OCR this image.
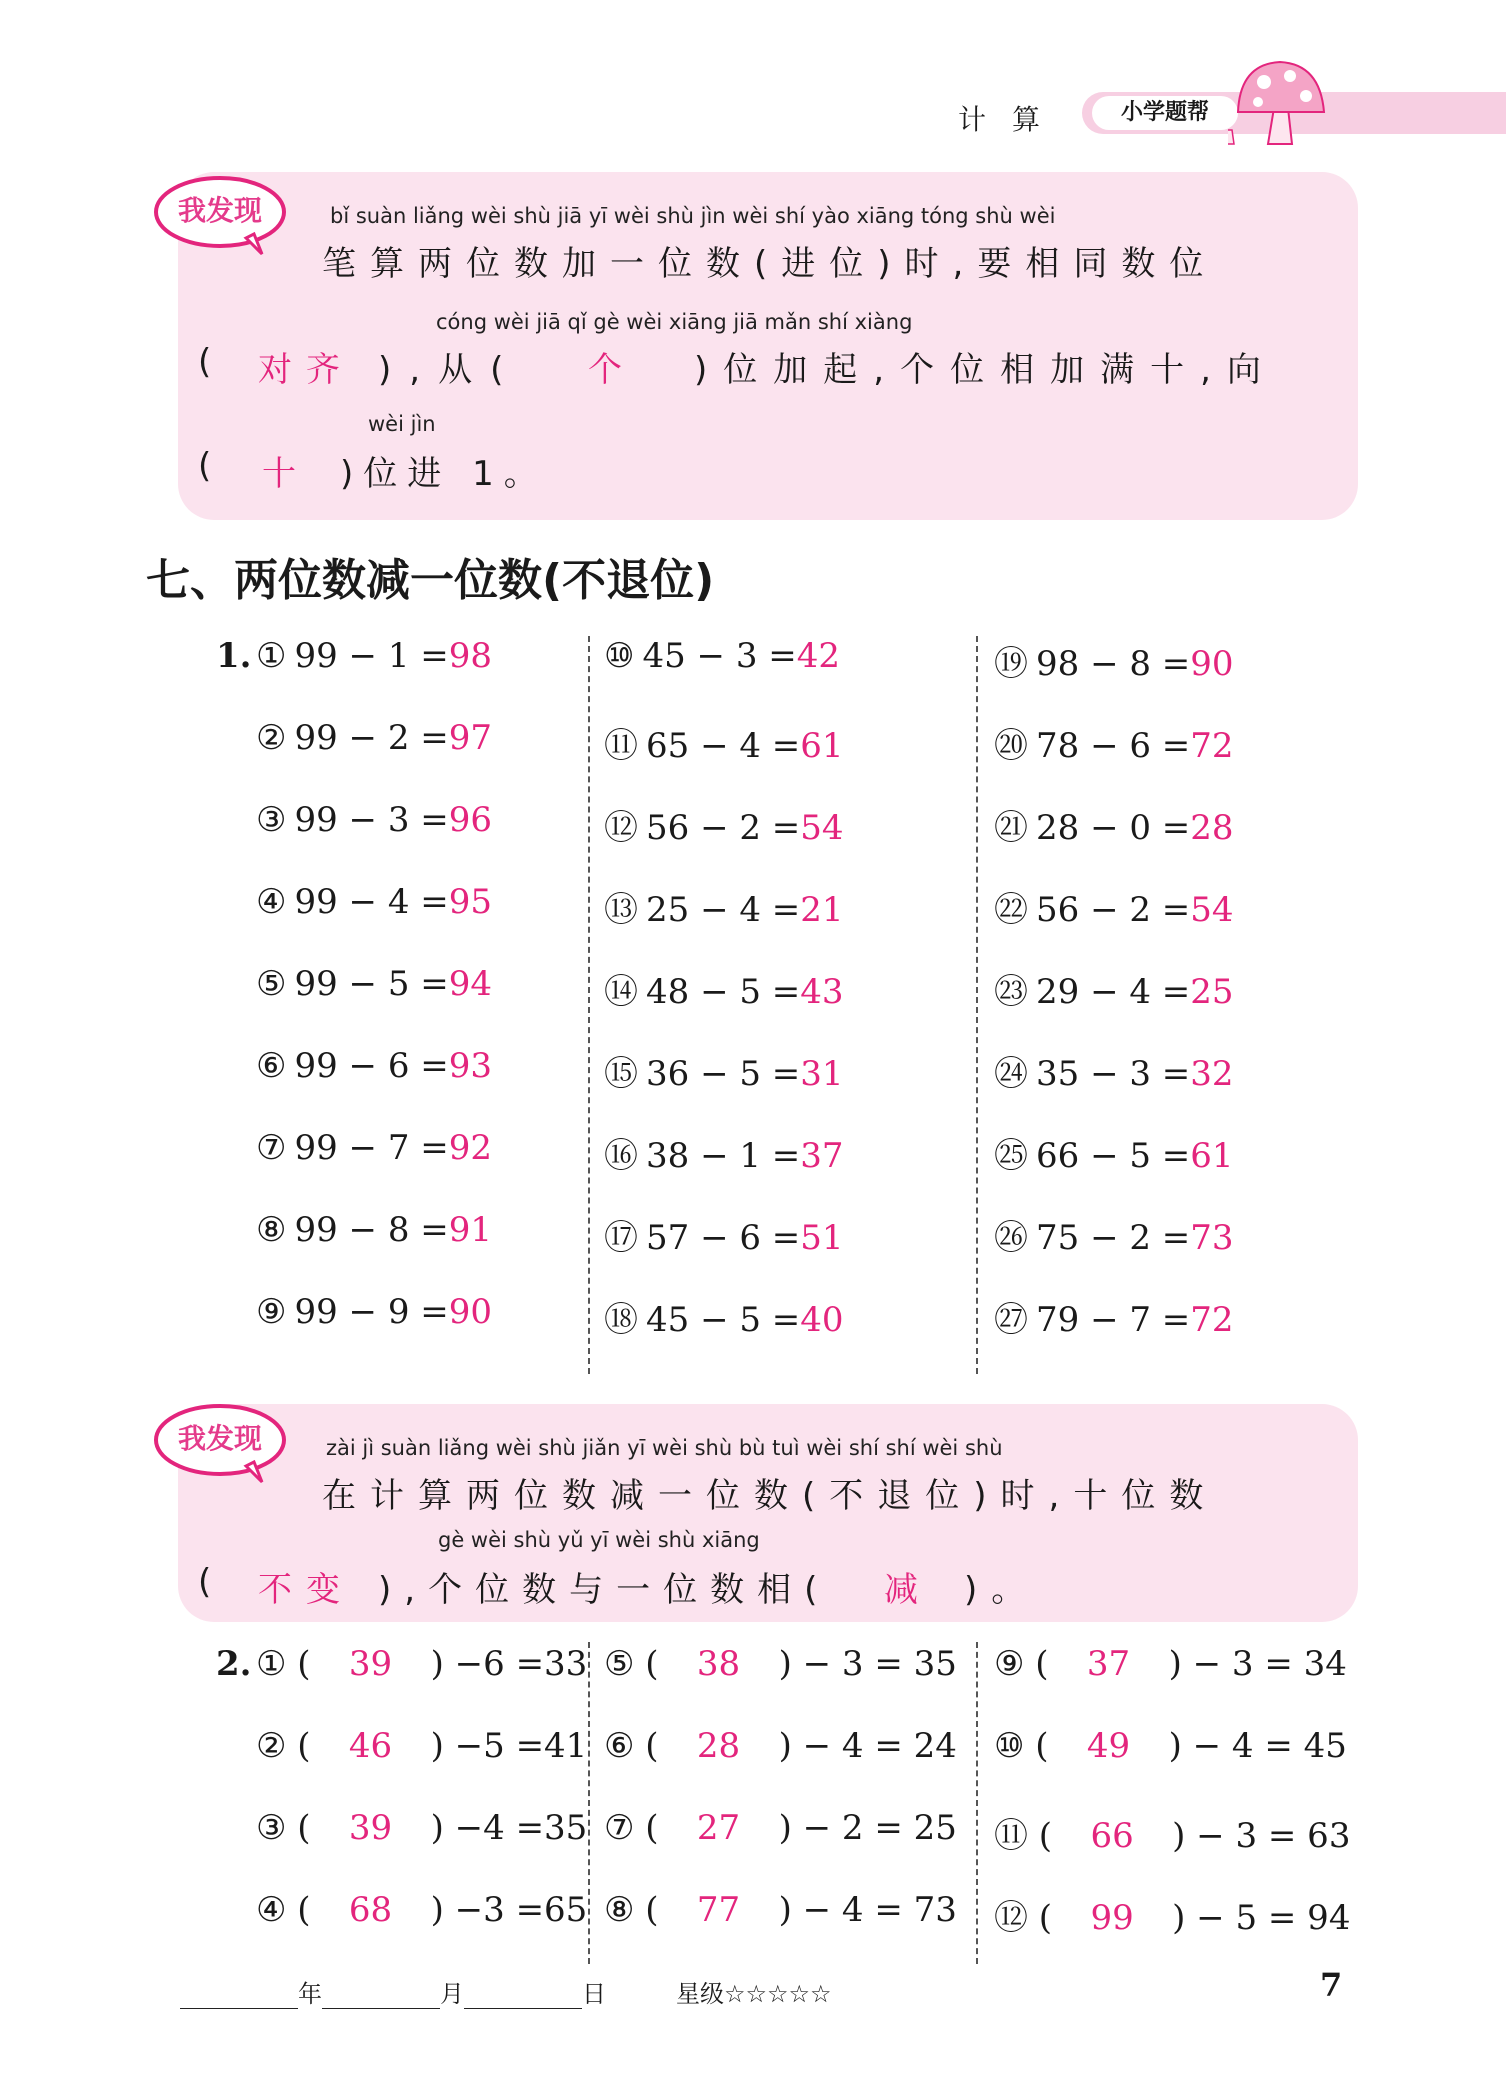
计算	小学题帮
我发现	bǐ suàn liǎng wèi shù jiā yī wèi shù jìn wèi shí yào xiāng tóng shù wèi
笔算两位数加一位数(进位)时,要相同数位
cóng wèi jiā qǐ gè wèi xiāng jiā mǎn shí xiàng
( 对齐 ),从( 个 )位加起,个位相加满十,向
wèi jìn
( 十 )位进 1。
七、两位数减一位数(不退位)
1. ① 99 − 1 =98
② 99 − 2 =97
③ 99 − 3 =96
④ 99 − 4 =95
⑤ 99 − 5 =94
⑥ 99 − 6 =93
⑦ 99 − 7 =92
⑧ 99 − 8 =91
⑨ 99 − 9 =90
⑩ 45 − 3 =42
⑪ 65 − 4 =61
⑫ 56 − 2 =54
⑬ 25 − 4 =21
⑭ 48 − 5 =43
⑮ 36 − 5 =31
⑯ 38 − 1 =37
⑰ 57 − 6 =51
⑱ 45 − 5 =40
⑲ 98 − 8 =90
⑳ 78 − 6 =72
㉑ 28 − 0 =28
㉒ 56 − 2 =54
㉓ 29 − 4 =25
㉔ 35 − 3 =32
㉕ 66 − 5 =61
㉖ 75 − 2 =73
㉗ 79 − 7 =72
我发现	zài jì suàn liǎng wèi shù jiǎn yī wèi shù bù tuì wèi shí shí wèi shù
在计算两位数减一位数(不退位)时,十位数
gè wèi shù yǔ yī wèi shù xiāng
( 不变 ),个位数与一位数相( 减 )。
2. ① ( 39 ) −6 =33
② ( 46 ) −5 =41
③ ( 39 ) −4 =35
④ ( 68 ) −3 =65
⑤ ( 38 ) − 3 = 35
⑥ ( 28 ) − 4 = 24
⑦ ( 27 ) − 2 = 25
⑧ ( 77 ) − 4 = 73
⑨ ( 37 ) − 3 = 34
⑩ ( 49 ) − 4 = 45
⑪ ( 66 ) − 3 = 63
⑫ ( 99 ) − 5 = 94
年	月	日	星级☆☆☆☆☆	7
